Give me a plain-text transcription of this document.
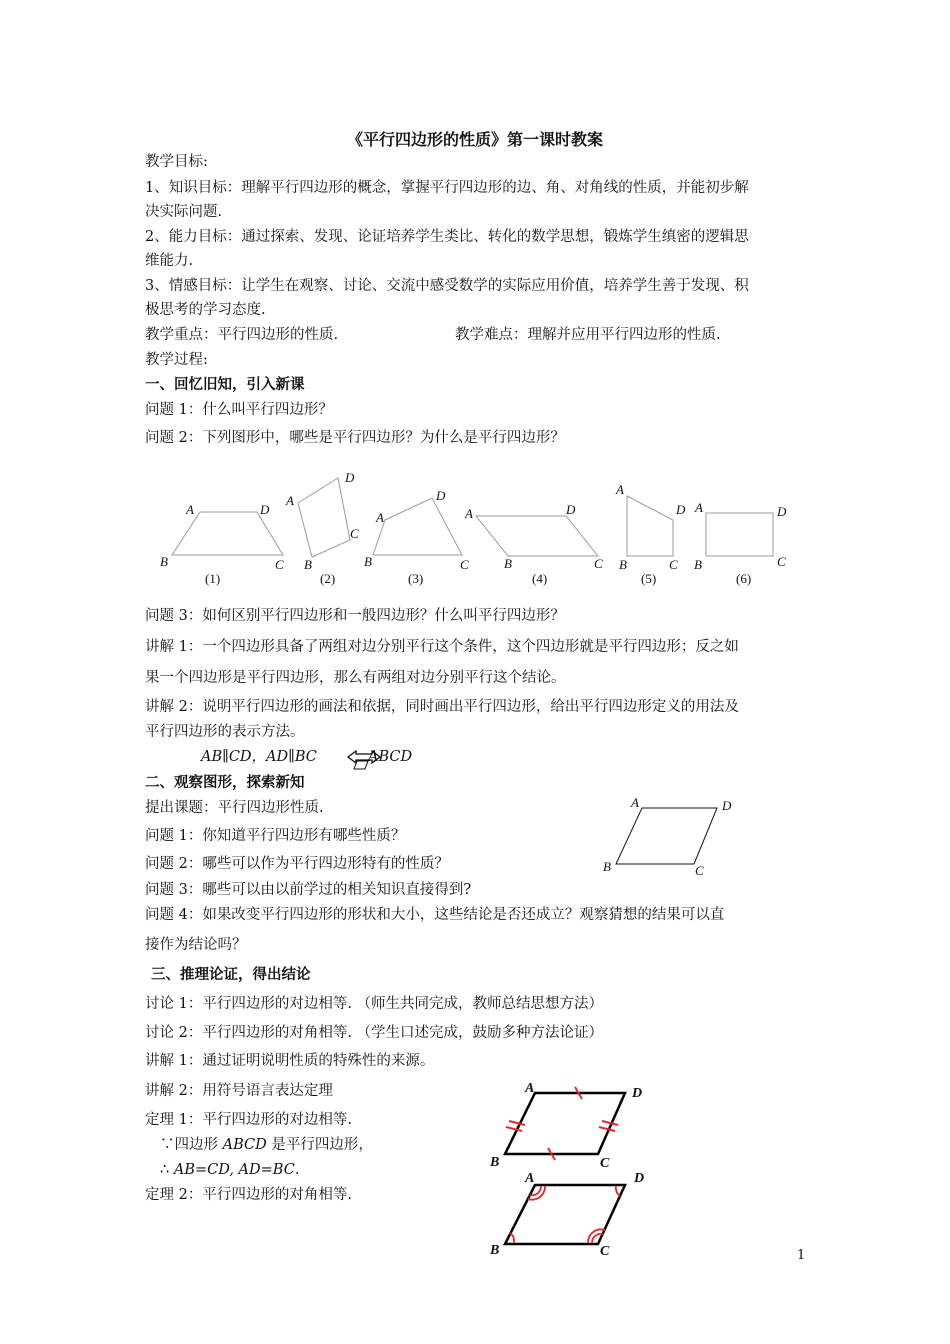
《平行四边形的性质》第一课时教案
教学目标:
1、知识目标：理解平行四边形的概念，掌握平行四边形的边、角、对角线的性质，并能初步解
决实际问题.
2、能力目标：通过探索、发现、论证培养学生类比、转化的数学思想，锻炼学生缜密的逻辑思
维能力.
3、情感目标：让学生在观察、讨论、交流中感受数学的实际应用价值，培养学生善于发现、积
极思考的学习态度.
教学重点：平行四边形的性质.	教学难点：理解并应用平行四边形的性质.
教学过程:
一、回忆旧知，引入新课
问题 1：什么叫平行四边形？
问题 2：下列图形中，哪些是平行四边形？为什么是平行四边形？
A	D
B	C
(1)
A
D
C
B
(2)
A
D
B	C
(3)
A	D
B	C
(4)
A
D
B	C
(5)
A	D
B	C
(6)
问题 3：如何区别平行四边形和一般四边形？什么叫平行四边形？
讲解 1：一个四边形具备了两组对边分别平行这个条件，这个四边形就是平行四边形；反之如
果一个四边形是平行四边形，那么有两组对边分别平行这个结论。
讲解 2：说明平行四边形的画法和依据，同时画出平行四边形，给出平行四边形定义的用法及
平行四边形的表示方法。
AB∥CD，AD∥BC	ABCD
二、观察图形，探索新知
提出课题：平行四边形性质.
问题 1：你知道平行四边形有哪些性质？
问题 2：哪些可以作为平行四边形特有的性质？
问题 3：哪些可以由以前学过的相关知识直接得到?
问题 4：如果改变平行四边形的形状和大小，这些结论是否还成立？观察猜想的结果可以直
接作为结论吗？
A	D
B	C
三、推理论证，得出结论
讨论 1：平行四边形的对边相等. （师生共同完成，教师总结思想方法）
讨论 2：平行四边形的对角相等. （学生口述完成，鼓励多种方法论证）
讲解 1：通过证明说明性质的特殊性的来源。
讲解 2：用符号语言表达定理
定理 1：平行四边形的对边相等.
∵四边形 ABCD 是平行四边形，
∴ AB=CD, AD=BC.
定理 2：平行四边形的对角相等.
A	D
B	C
A	D
B	C	1
